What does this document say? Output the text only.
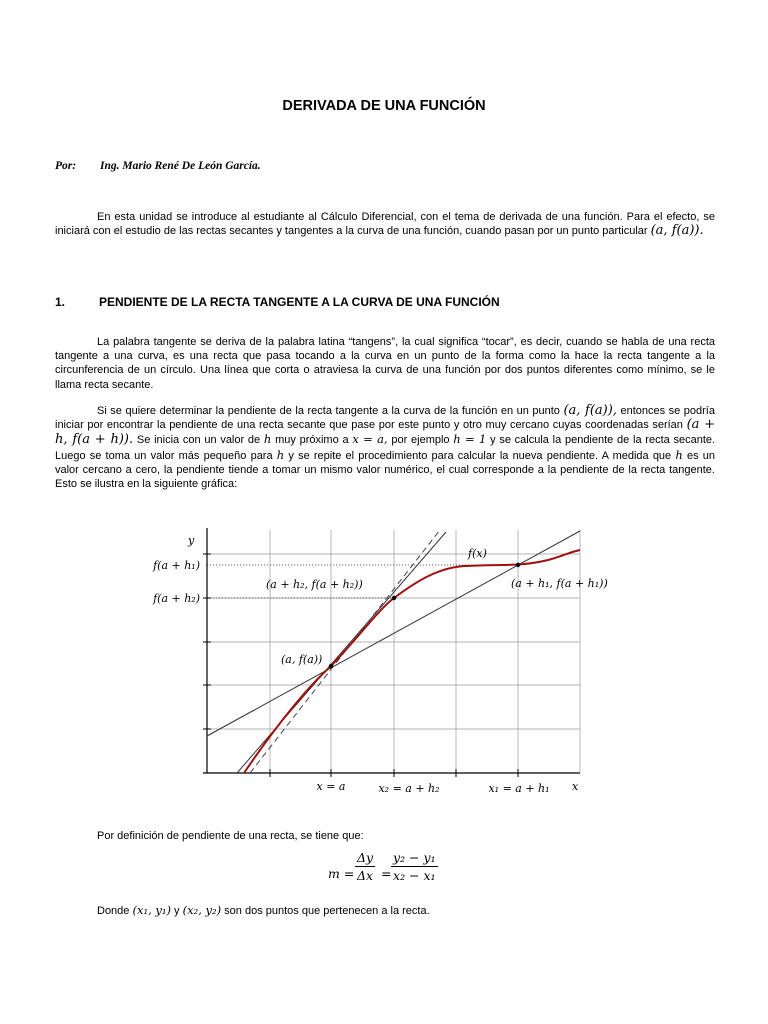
DERIVADA DE UNA FUNCIÓN
Por: Ing. Mario René De León García.
En esta unidad se introduce al estudiante al Cálculo Diferencial, con el tema de derivada de una función. Para el efecto, se iniciará con el estudio de las rectas secantes y tangentes a la curva de una función, cuando pasan por un punto particular (a, f(a)).
1.	PENDIENTE DE LA RECTA TANGENTE A LA CURVA DE UNA FUNCIÓN
La palabra tangente se deriva de la palabra latina “tangens”, la cual significa “tocar”, es decir, cuando se habla de una recta tangente a una curva, es una recta que pasa tocando a la curva en un punto de la forma como la hace la recta tangente a la circunferencia de un círculo. Una línea que corta o atraviesa la curva de una función por dos puntos diferentes como mínimo, se le llama recta secante.
Si se quiere determinar la pendiente de la recta tangente a la curva de la función en un punto (a, f(a)), entonces se podría iniciar por encontrar la pendiente de una recta secante que pase por este punto y otro muy cercano cuyas coordenadas serían (a + h, f(a + h)). Se inicia con un valor de h muy próximo a x = a, por ejemplo h = 1 y se calcula la pendiente de la recta secante. Luego se toma un valor más pequeño para h y se repite el procedimiento para calcular la nueva pendiente. A medida que h es un valor cercano a cero, la pendiente tiende a tomar un mismo valor numérico, el cual corresponde a la pendiente de la recta tangente. Esto se ilustra en la siguiente gráfica:
y
x
f(x)
(a, f(a))
(a + h₁, f(a + h₁))
(a + h₂, f(a + h₂))
f(a + h₁)
f(a + h₂)
x = a	x₂ = a + h₂	x₁ = a + h₁
Por definición de pendiente de una recta, se tiene que:
$m = \frac{\Delta y}{\Delta x} = \frac{\text{y₂ − y₁}}{\text{x₂ − x₁}}$
Donde (x₁, y₁) y (x₂, y₂) son dos puntos que pertenecen a la recta.
